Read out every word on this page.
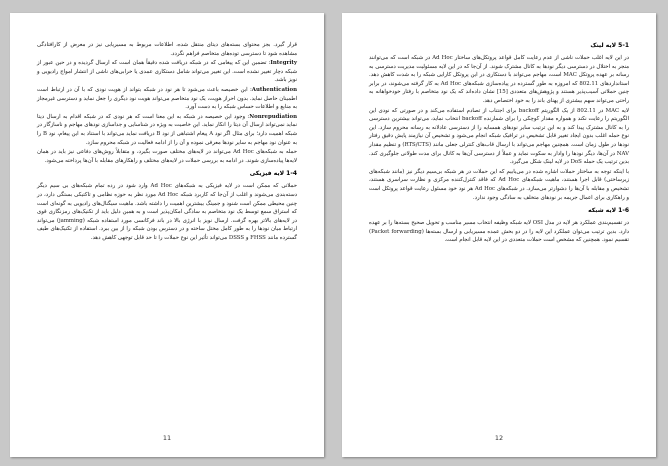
قرار گیرد. بجز محتوای بسته‌های دیتای منتقل شده، اطلاعات مربوط به مسیریابی نیز در معرض از کارافتادگی مشاهده شود تا دسترسی توده‌های متخاصم فراهم نگردد.

Integrity: تضمین این که پیغامی که در شبکه دریافت شده دقیقاً همان است که ارسال گردیده و در حین عبور از شبکه دچار تغییر نشده است. این تغییر می‌تواند شامل دستکاری عمدی یا خرابی‌های ناشی از انتشار امواج رادیویی و نویز باشد.

Authentication: این خصیصه باعث می‌شود تا هر نود در شبکه بتواند از هویت نودی که با آن در ارتباط است اطمینان حاصل نماید. بدون احراز هویت، یک نود متخاصم می‌تواند هویت نود دیگری را جعل نماید و دسترسی غیرمجاز به منابع و اطلاعات حساس شبکه را به دست آورد.

Nonrepudiation: وجود این خصیصه در شبکه به این معنا است که هر نودی که در شبکه اقدام به ارسال دیتا نماید نمی‌تواند ارسال آن دیتا را انکار نماید. این خاصیت به ویژه در شناسایی و جداسازی نودهای مهاجم و ناسازگار در شبکه اهمیت دارد؛ برای مثال اگر نود A پیغام اشتباهی از نود B دریافت نماید می‌تواند با استناد به این پیغام، نود B را به عنوان نود مهاجم به سایر نودها معرفی نموده و آن را از ادامه فعالیت در شبکه محروم سازد.

حمله به شبکه‌های Ad Hoc می‌تواند در لایه‌های مختلف صورت بگیرد، و متقابلاً روش‌های دفاعی نیز باید در همان لایه‌ها پیاده‌سازی شوند. در ادامه به بررسی حملات در لایه‌های مختلف و راهکارهای مقابله با آن‌ها پرداخته می‌شود.

1-4 لایه فیزیکی

حملاتی که ممکن است در لایه فیزیکی به شبکه‌های Ad Hoc وارد شود در رده تمام شبکه‌های بی سیم دیگر دسته‌بندی می‌شوند و اغلب از آن‌جا که کاربرد شبکه Ad Hoc مورد نظر به حوزه نظامی و تاکتیکی بستگی دارد، در چنین محیطی ممکن است شنود و جمینگ بیشترین اهمیت را داشته باشد. ماهیت سیگنال‌های رادیویی به گونه‌ای است که استراق سمع توسط یک نود متخاصم به سادگی امکان‌پذیر است و به همین دلیل باید از تکنیک‌های رمزنگاری قوی در لایه‌های بالاتر بهره گرفت. ارسال نویز با انرژی بالا در باند فرکانسی مورد استفاده شبکه (jamming) می‌تواند ارتباط میان نودها را به طور کامل مختل ساخته و در دسترس بودن شبکه را از بین ببرد. استفاده از تکنیک‌های طیف گسترده مانند FHSS و DSSS می‌تواند تأثیر این نوع حملات را تا حد قابل توجهی کاهش دهد.

11
5-1 لایه لینک

در این لایه اغلب حملات ناشی از عدم رعایت کامل قواعد پروتکل‌های ساختار Ad Hoc در شبکه است که می‌توانند منجر به اختلال در دسترسی دیگر نودها به کانال مشترک شوند. از آن‌جا که در این لایه مسئولیت مدیریت دسترسی به رسانه بر عهده پروتکل MAC است، مهاجم می‌تواند با دستکاری در این پروتکل کارایی شبکه را به شدت کاهش دهد. استانداردهای 802.11 که امروزه به طور گسترده در پیاده‌سازی شبکه‌های Ad Hoc به کار گرفته می‌شوند، در برابر چنین حملاتی آسیب‌پذیر هستند و پژوهش‌های متعددی [15] نشان داده‌اند که یک نود متخاصم با رفتار خودخواهانه به راحتی می‌تواند سهم بیشتری از پهنای باند را به خود اختصاص دهد.

لایه MAC در 802.11 از یک الگوریتم backoff برای اجتناب از تصادم استفاده می‌کند و در صورتی که نودی این الگوریتم را رعایت نکند و همواره مقدار کوچکی را برای شمارنده backoff انتخاب نماید، می‌تواند بیشترین دسترسی را به کانال مشترک پیدا کند و به این ترتیب سایر نودهای همسایه را از دسترسی عادلانه به رسانه محروم سازد. این نوع حمله اغلب بدون ایجاد تغییر قابل تشخیص در ترافیک شبکه انجام می‌شود و تشخیص آن نیازمند پایش دقیق رفتار نودها در طول زمان است. همچنین مهاجم می‌تواند با ارسال قاب‌های کنترلی جعلی مانند (RTS/CTS) و تنظیم مقدار NAV در آن‌ها، دیگر نودها را وادار به سکوت نماید و عملاً از دسترسی آن‌ها به کانال برای مدت طولانی جلوگیری کند. بدین ترتیب یک حمله DoS در لایه لینک شکل می‌گیرد.

با اینکه توجه به ساختار حملات اشاره شده در می‌یابیم که این حملات در هر شبکه بی‌سیم دیگر نیز (مانند شبکه‌های زیرساختی) قابل اجرا هستند، ماهیت شبکه‌های Ad Hoc که فاقد کنترل‌کننده مرکزی و نظارت سراسری هستند، تشخیص و مقابله با آن‌ها را دشوارتر می‌سازد. در شبکه‌های Ad Hoc هر نود خود مسئول رعایت قواعد پروتکل است و راهکاری برای اعمال جریمه بر نودهای متخلف به سادگی وجود ندارد.

1-6 لایه شبکه

در تقسیم‌بندی عملکرد هر لایه در مدل OSI لایه شبکه وظیفه انتخاب مسیر مناسب و تحویل صحیح بسته‌ها را بر عهده دارد. بدین ترتیب می‌توان عملکرد این لایه را در دو بخش عمده مسیریابی و ارسال بسته‌ها (Packet forwarding) تقسیم نمود. همچنین که مشخص است حملات متعددی در این لایه قابل انجام است.

12
